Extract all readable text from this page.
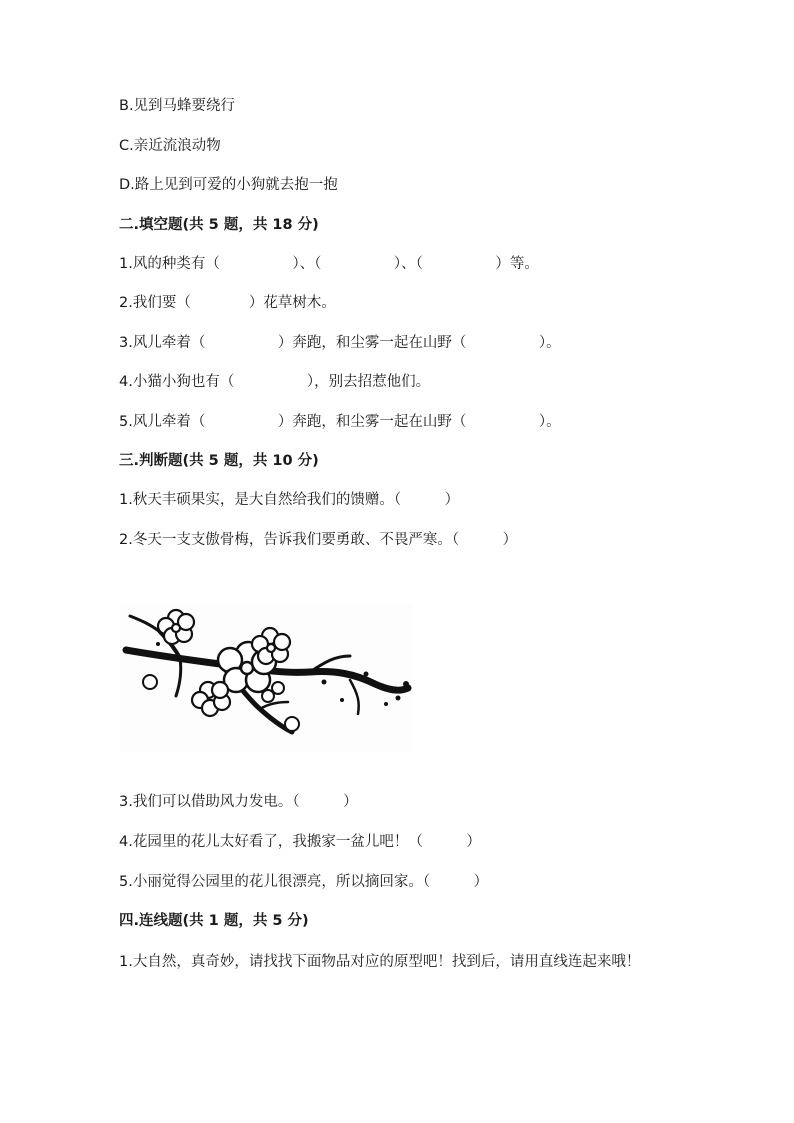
B.见到马蜂要绕行
C.亲近流浪动物
D.路上见到可爱的小狗就去抱一抱
二.填空题(共 5 题，共 18 分)
1.风的种类有（　　　　　）、（　　　　　）、（　　　　　）等。
2.我们要（　　　　）花草树木。
3.风儿牵着（　　　　　）奔跑，和尘雾一起在山野（　　　　　）。
4.小猫小狗也有（　　　　　），别去招惹他们。
5.风儿牵着（　　　　　）奔跑，和尘雾一起在山野（　　　　　）。
三.判断题(共 5 题，共 10 分)
1.秋天丰硕果实，是大自然给我们的馈赠。（　　　）
2.冬天一支支傲骨梅，告诉我们要勇敢、不畏严寒。（　　　）
3.我们可以借助风力发电。（　　　）
4.花园里的花儿太好看了，我搬家一盆儿吧！（　　　）
5.小丽觉得公园里的花儿很漂亮，所以摘回家。（　　　）
四.连线题(共 1 题，共 5 分)
1.大自然，真奇妙，请找找下面物品对应的原型吧！找到后，请用直线连起来哦！
